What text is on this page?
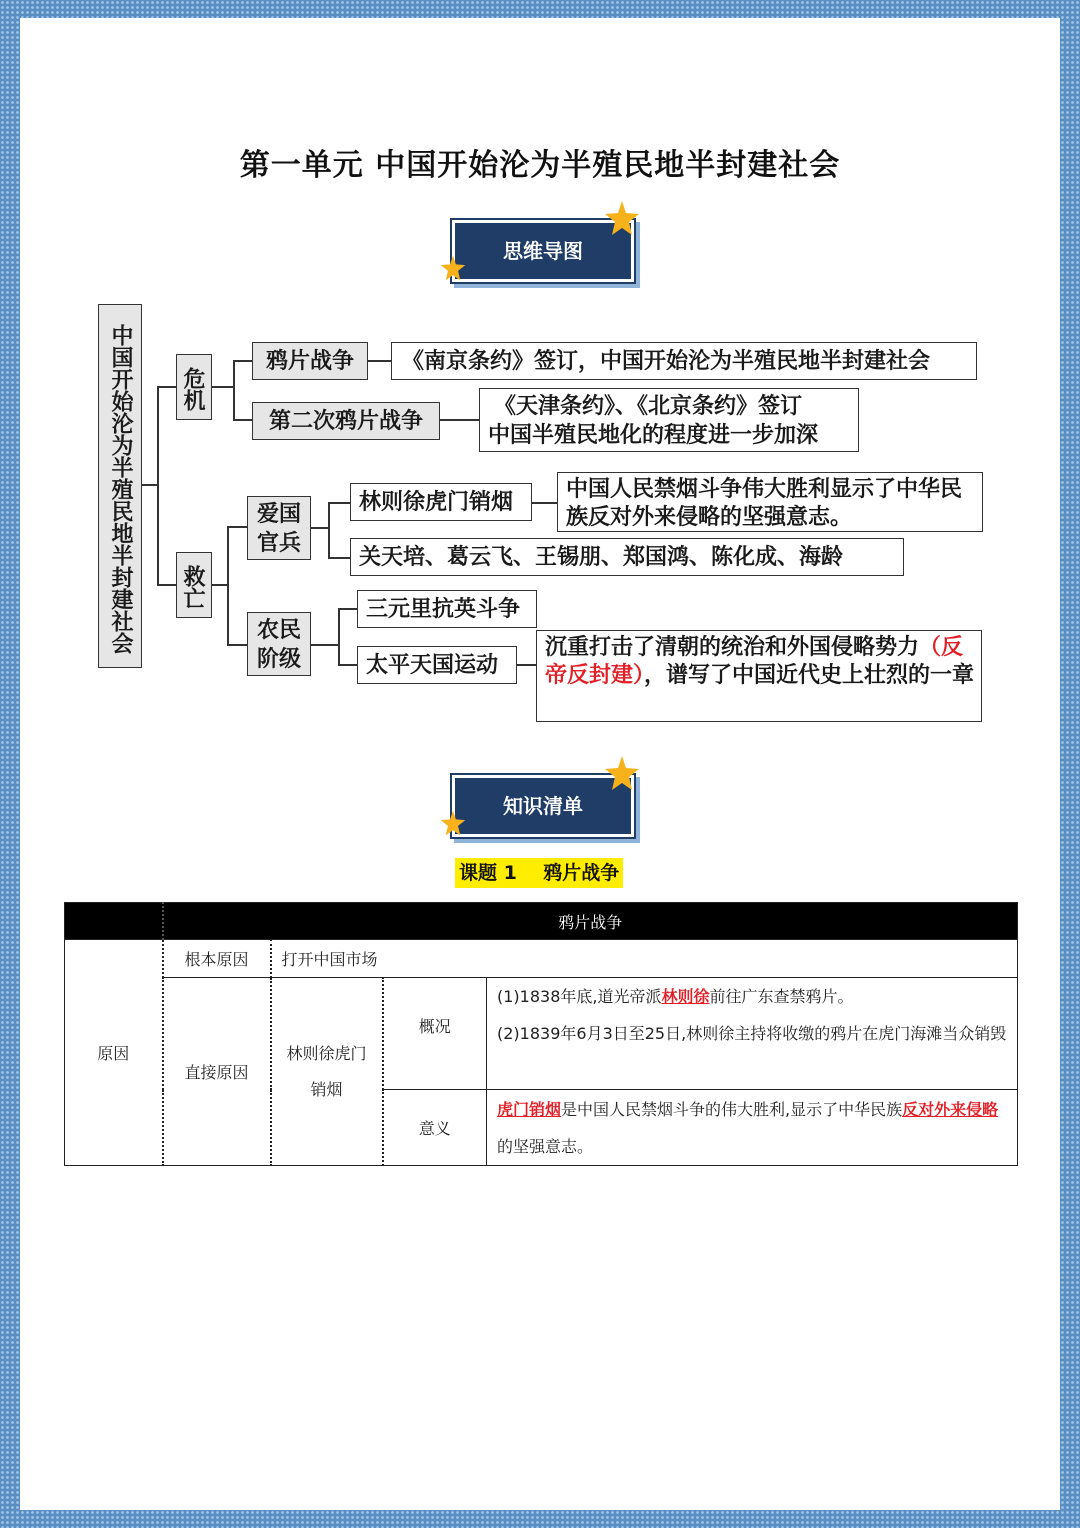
第一单元 中国开始沦为半殖民地半封建社会
思维导图
中国开始沦为半殖民地半封建社会	危机
救亡
鸦片战争	《南京条约》签订，中国开始沦为半殖民地半封建社会
第二次鸦片战争
《天津条约》、《北京条约》签订
中国半殖民地化的程度进一步加深
爱国官兵
林则徐虎门销烟
中国人民禁烟斗争伟大胜利显示了中华民族反对外来侵略的坚强意志。
关天培、葛云飞、王锡朋、郑国鸿、陈化成、海龄
农民阶级
三元里抗英斗争
太平天国运动
沉重打击了清朝的统治和外国侵略势力（反帝反封建），谱写了中国近代史上壮烈的一章
知识清单
课题 1    鸦片战争
	鸦片战争			
原因	根本原因	打开中国市场		
	直接原因	林则徐虎门销烟	概况	(1)1838年底,道光帝派林则徐前往广东查禁鸦片。
(2)1839年6月3日至25日,林则徐主持将收缴的鸦片在虎门海滩当众销毁

			意义	虎门销烟是中国人民禁烟斗争的伟大胜利,显示了中华民族反对外来侵略的坚强意志。
